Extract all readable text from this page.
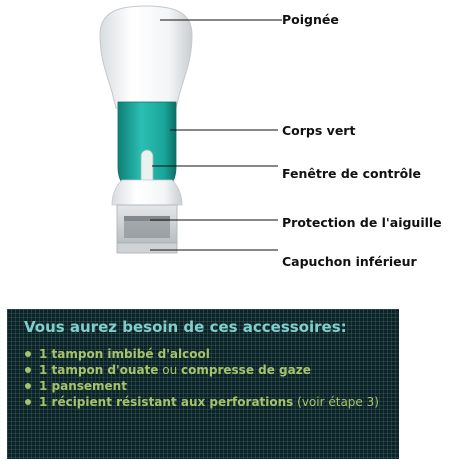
Poignée
Corps vert
Fenêtre de contrôle
Protection de l'aiguille
Capuchon inférieur
Vous aurez besoin de ces accessoires:
1 tampon imbibé d'alcool
1 tampon d'ouate ou compresse de gaze
1 pansement
1 récipient résistant aux perforations (voir étape 3)
